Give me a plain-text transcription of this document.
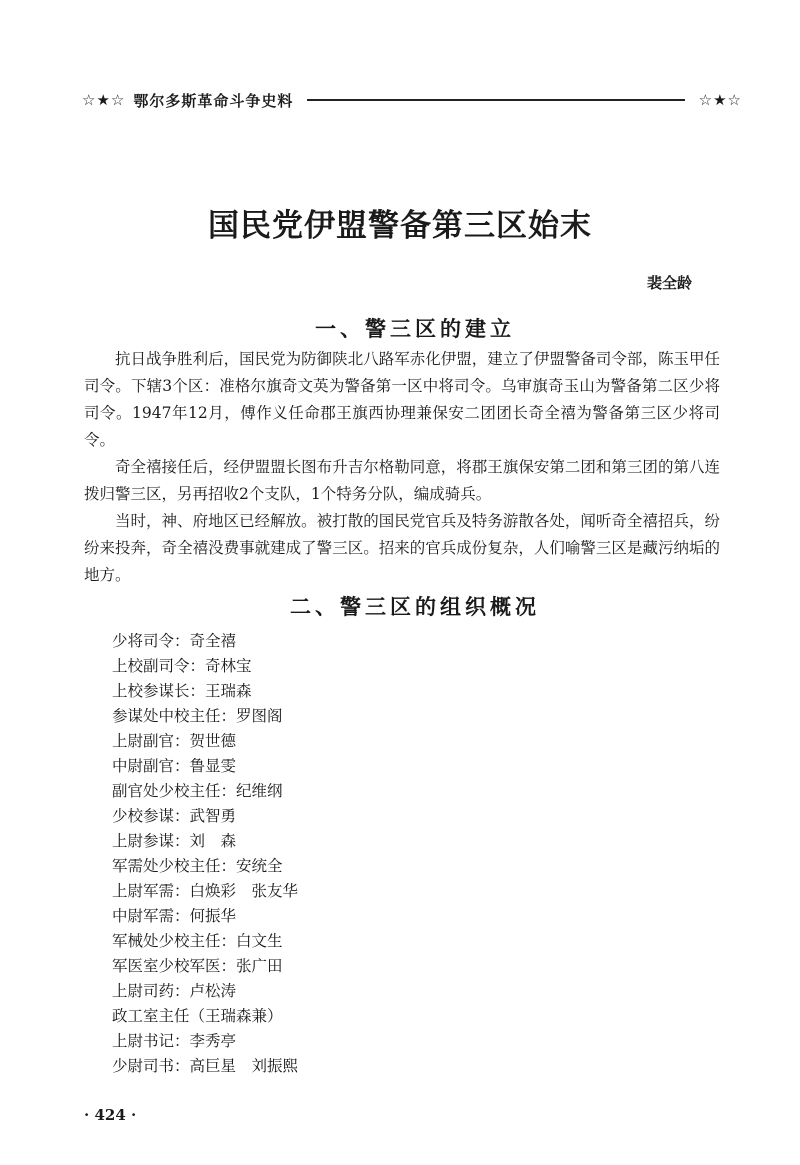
☆★☆ 鄂尔多斯革命斗争史料	☆★☆
国民党伊盟警备第三区始末
裴全龄
一、警三区的建立

抗日战争胜利后，国民党为防御陕北八路军赤化伊盟，建立了伊盟警备司令部，陈玉甲任司令。下辖3个区：准格尔旗奇文英为警备第一区中将司令。乌审旗奇玉山为警备第二区少将司令。1947年12月，傅作义任命郡王旗西协理兼保安二团团长奇全禧为警备第三区少将司令。

奇全禧接任后，经伊盟盟长图布升吉尔格勒同意，将郡王旗保安第二团和第三团的第八连拨归警三区，另再招收2个支队，1个特务分队，编成骑兵。

当时，神、府地区已经解放。被打散的国民党官兵及特务游散各处，闻听奇全禧招兵，纷纷来投奔，奇全禧没费事就建成了警三区。招来的官兵成份复杂，人们喻警三区是藏污纳垢的地方。

二、警三区的组织概况
少将司令：奇全禧
上校副司令：奇林宝
上校参谋长：王瑞森
参谋处中校主任：罗图阁
上尉副官：贺世德
中尉副官：鲁显雯
副官处少校主任：纪维纲
少校参谋：武智勇
上尉参谋：刘　森
军需处少校主任：安统全
上尉军需：白焕彩　张友华
中尉军需：何振华
军械处少校主任：白文生
军医室少校军医：张广田
上尉司药：卢松涛
政工室主任（王瑞森兼）
上尉书记：李秀亭
少尉司书：高巨星　刘振熙
· 424 ·
